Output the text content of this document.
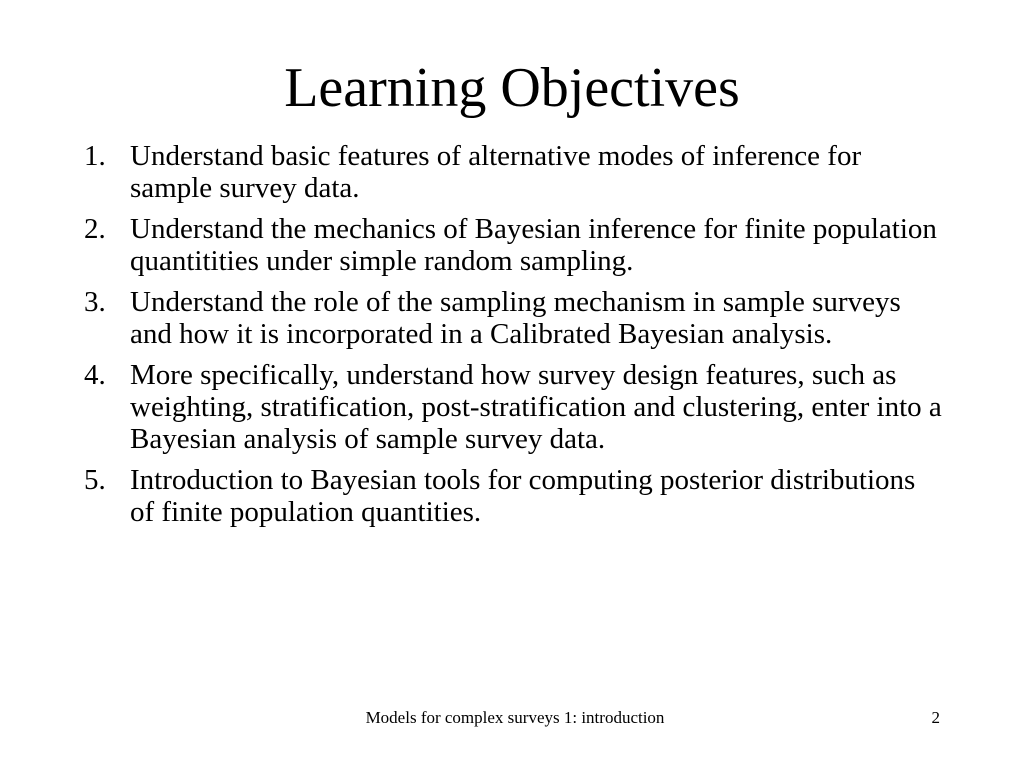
Learning Objectives
1. Understand basic features of alternative modes of inference for sample survey data.
2. Understand the mechanics of Bayesian inference for finite population quantitities under simple random sampling.
3. Understand the role of the sampling mechanism in sample surveys and how it is incorporated in a Calibrated Bayesian analysis.
4. More specifically, understand how survey design features, such as weighting, stratification, post-stratification and clustering, enter into a Bayesian analysis of sample survey data.
5. Introduction to Bayesian tools for computing posterior distributions of finite population quantities.
Models for complex surveys 1: introduction	2
